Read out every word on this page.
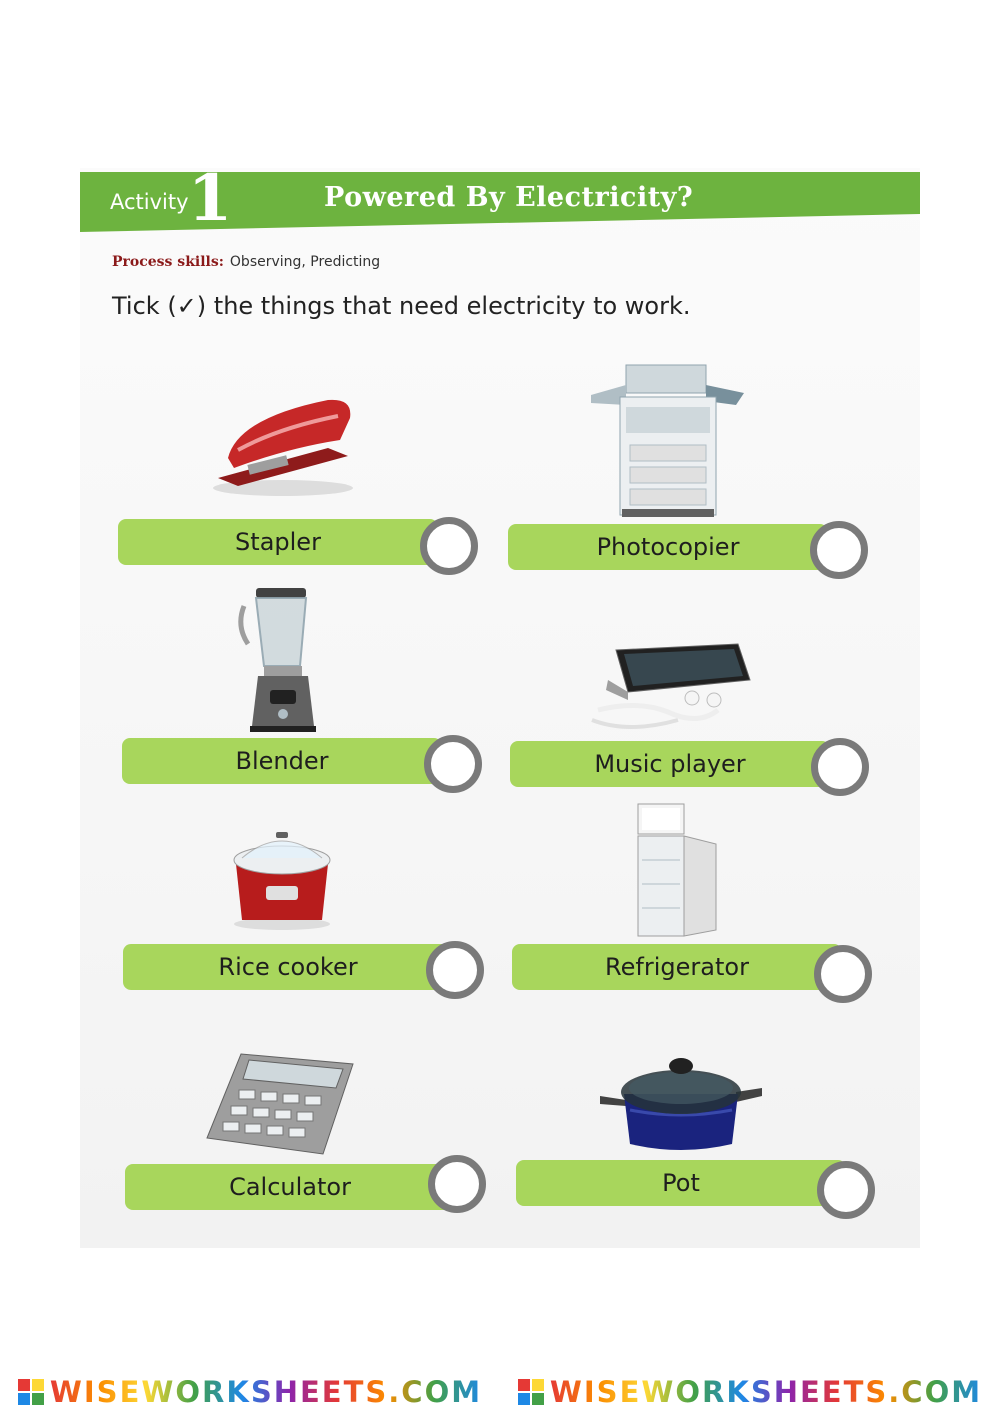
Activity 1	Powered By Electricity?
Process skills: Observing, Predicting
Tick (✓) the things that need electricity to work.
Stapler	Photocopier
Blender	Music player
Rice cooker	Refrigerator
Calculator	Pot
WISEWORKSHEETS.COM WISEWORKSHEETS.COM
